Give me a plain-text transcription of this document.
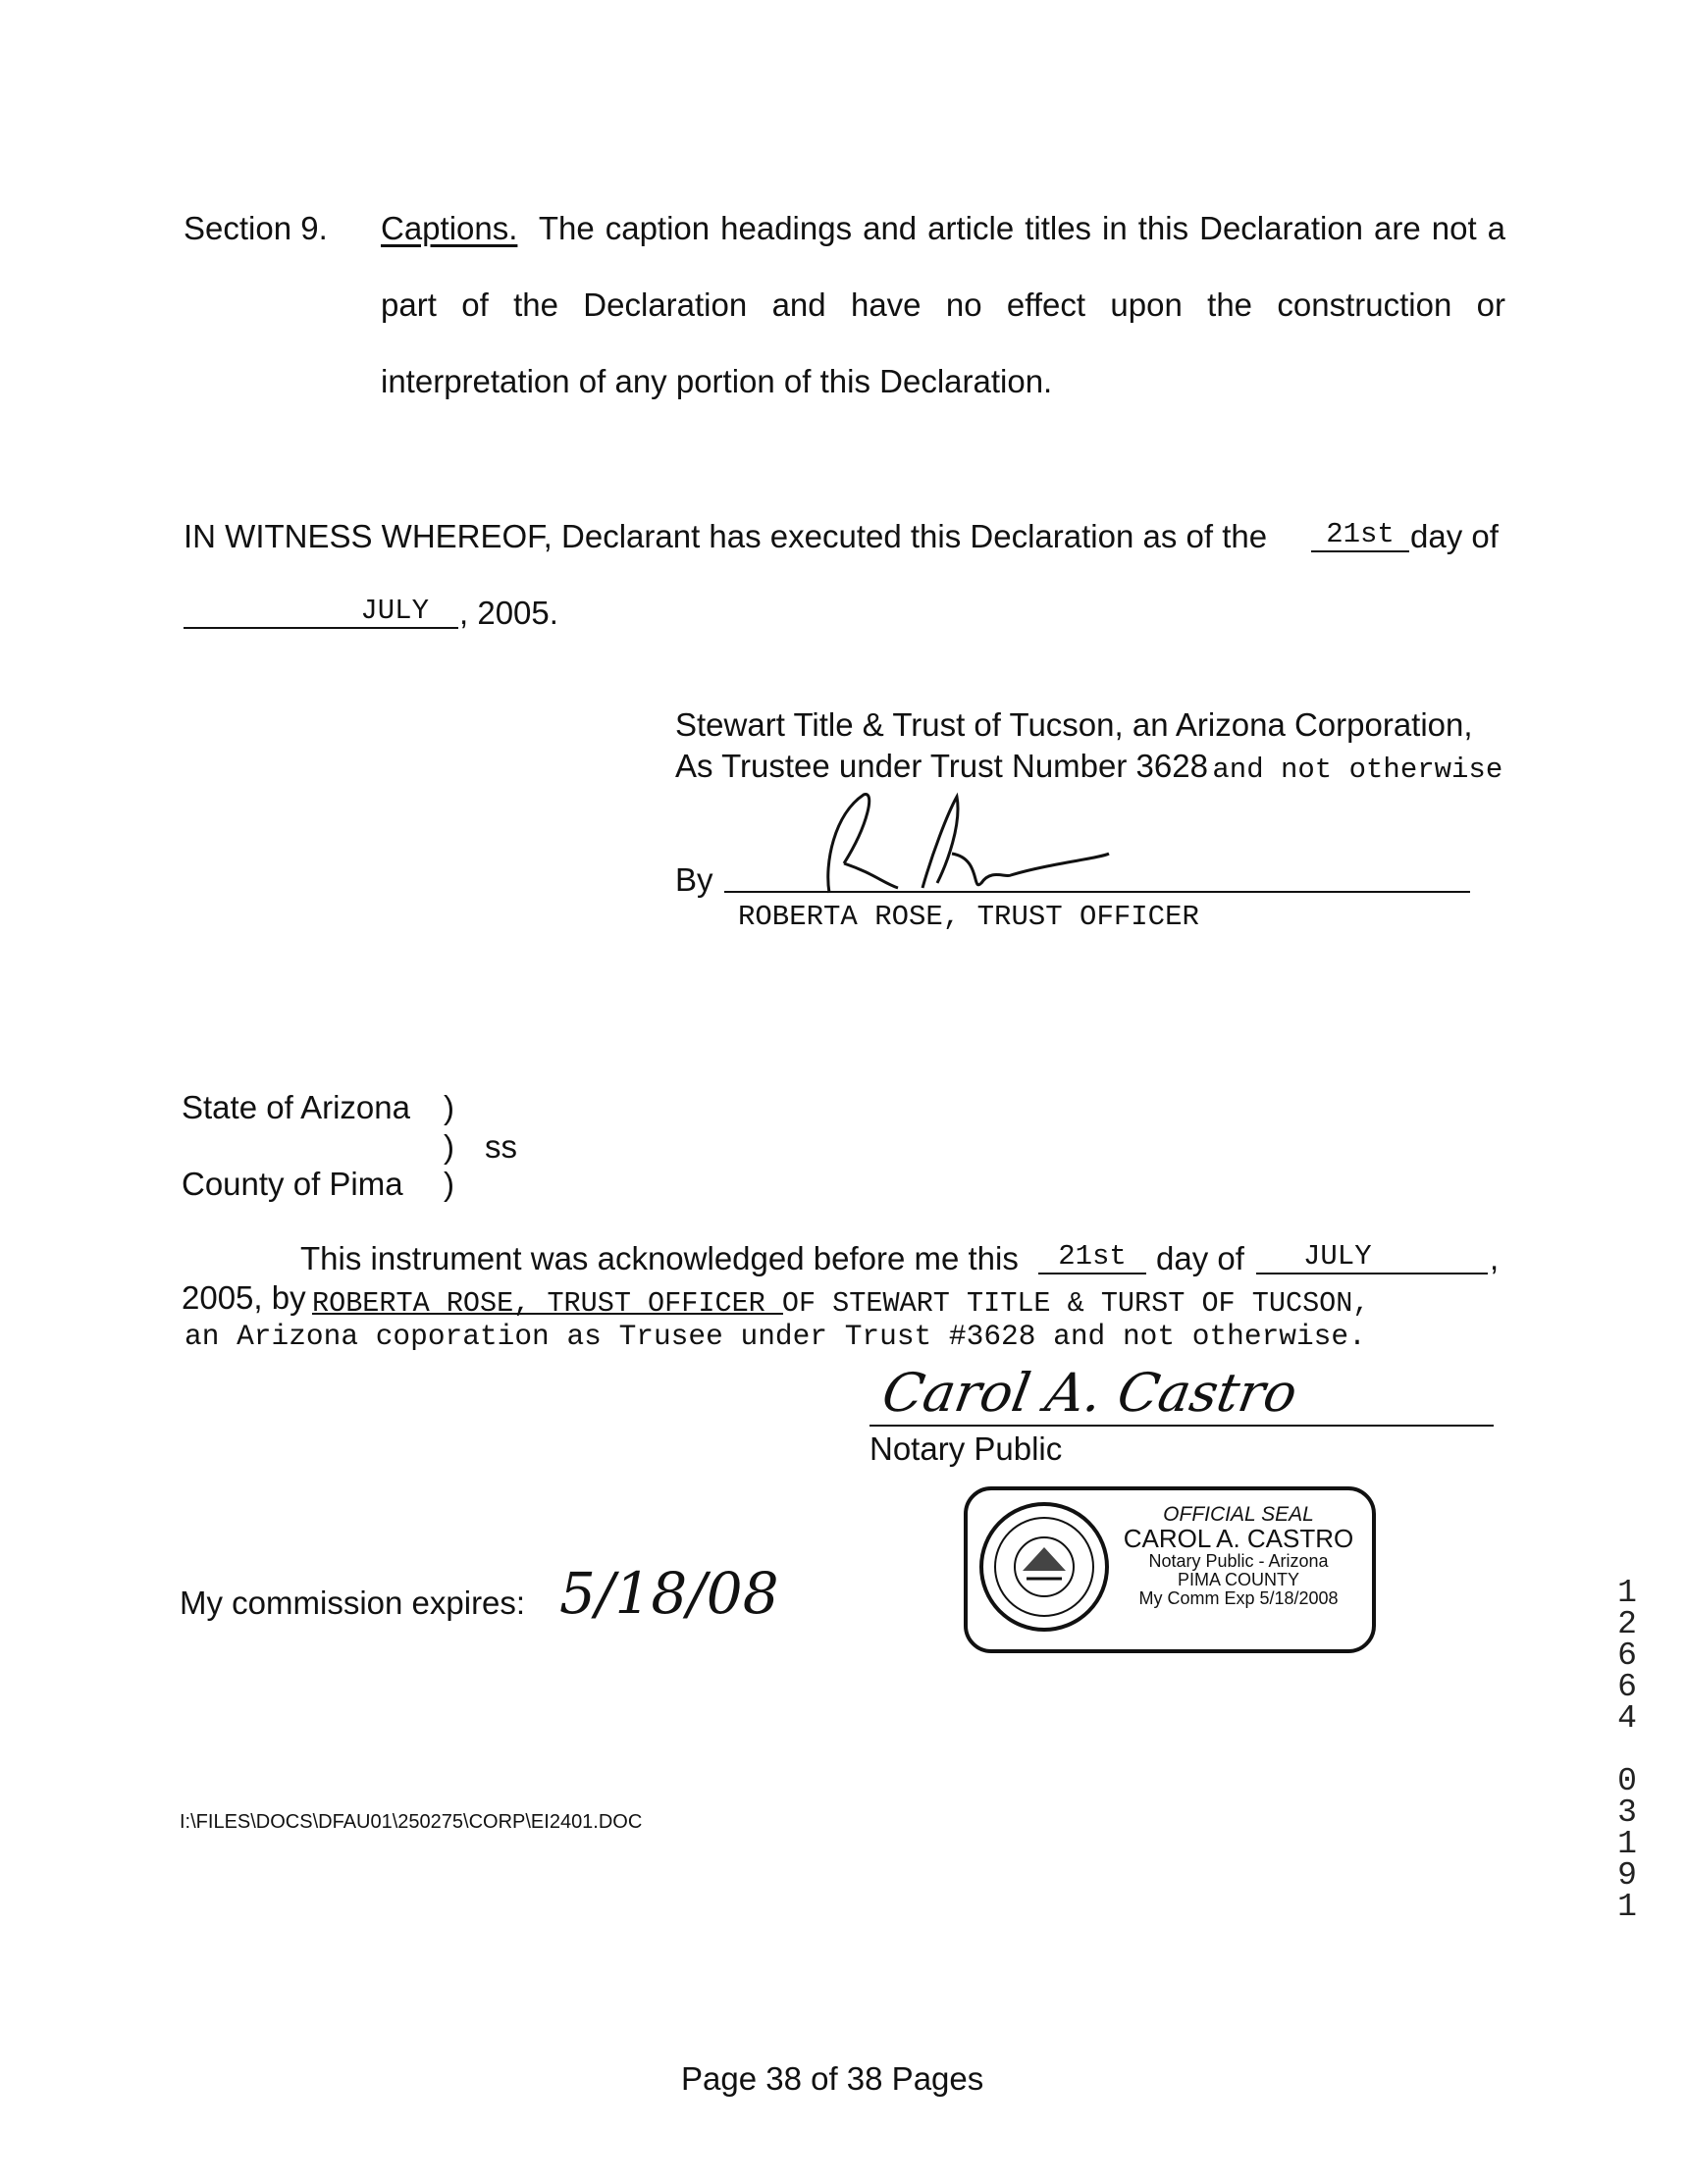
Section 9. Captions. The caption headings and article titles in this Declaration are not a
part of the Declaration and have no effect upon the construction or
interpretation of any portion of this Declaration.
IN WITNESS WHEREOF, Declarant has executed this Declaration as of the	21st day of
JULY , 2005.
Stewart Title & Trust of Tucson, an Arizona Corporation,
As Trustee under Trust Number 3628 and not otherwise
By
ROBERTA ROSE, TRUST OFFICER
State of Arizona )
) ss
County of Pima )
This instrument was acknowledged before me this	21st day of	JULY	,
2005, by ROBERTA ROSE, TRUST OFFICER OF STEWART TITLE & TURST OF TUCSON,
an Arizona coporation as Trusee under Trust #3628 and not otherwise.
Carol A. Castro
Notary Public
OFFICIAL SEAL
CAROL A. CASTRO
Notary Public - Arizona
PIMA COUNTY
My Comm Exp 5/18/2008
My commission expires: 5/18/08	1
2
6
6
4

0
3
1
9
1
I:\FILES\DOCS\DFAU01\250275\CORP\EI2401.DOC
Page 38 of 38 Pages
